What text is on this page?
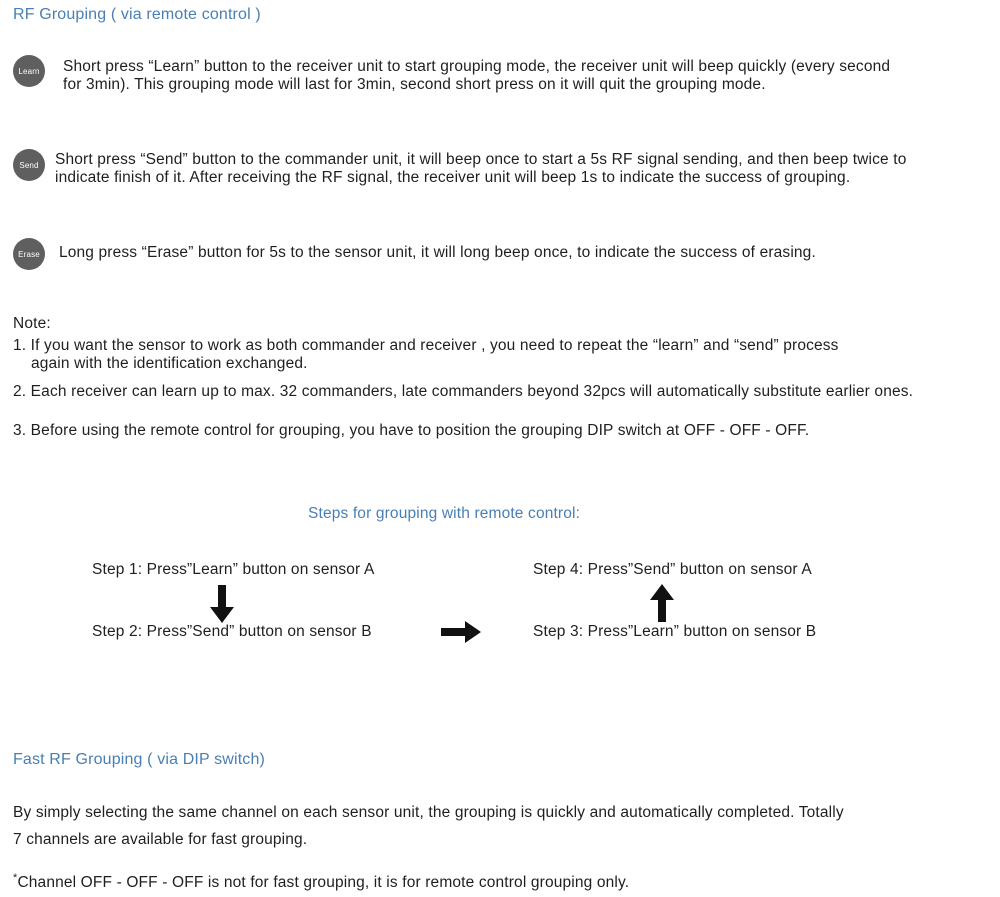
RF Grouping ( via remote control )
Learn	Short press “Learn” button to the receiver unit to start grouping mode, the receiver unit will beep quickly (every second
for 3min). This grouping mode will last for 3min, second short press on it will quit the grouping mode.
Send	Short press “Send” button to the commander unit, it will beep once to start a 5s RF signal sending, and then beep twice to
indicate finish of it. After receiving the RF signal, the receiver unit will beep 1s to indicate the success of grouping.
Erase	Long press “Erase” button for 5s to the sensor unit, it will long beep once, to indicate the success of erasing.
Note:
1. If you want the sensor to work as both commander and receiver , you need to repeat the “learn” and “send” process
again with the identification exchanged.
2. Each receiver can learn up to max. 32 commanders, late commanders beyond 32pcs will automatically substitute earlier ones.
3. Before using the remote control for grouping, you have to position the grouping DIP switch at OFF - OFF - OFF.
Steps for grouping with remote control:
Step 1: Press”Learn” button on sensor A
Step 2: Press”Send” button on sensor B
Step 4: Press”Send” button on sensor A
Step 3: Press”Learn” button on sensor B
Fast RF Grouping ( via DIP switch)
By simply selecting the same channel on each sensor unit, the grouping is quickly and automatically completed. Totally
7 channels are available for fast grouping.
*Channel OFF - OFF - OFF is not for fast grouping, it is for remote control grouping only.
